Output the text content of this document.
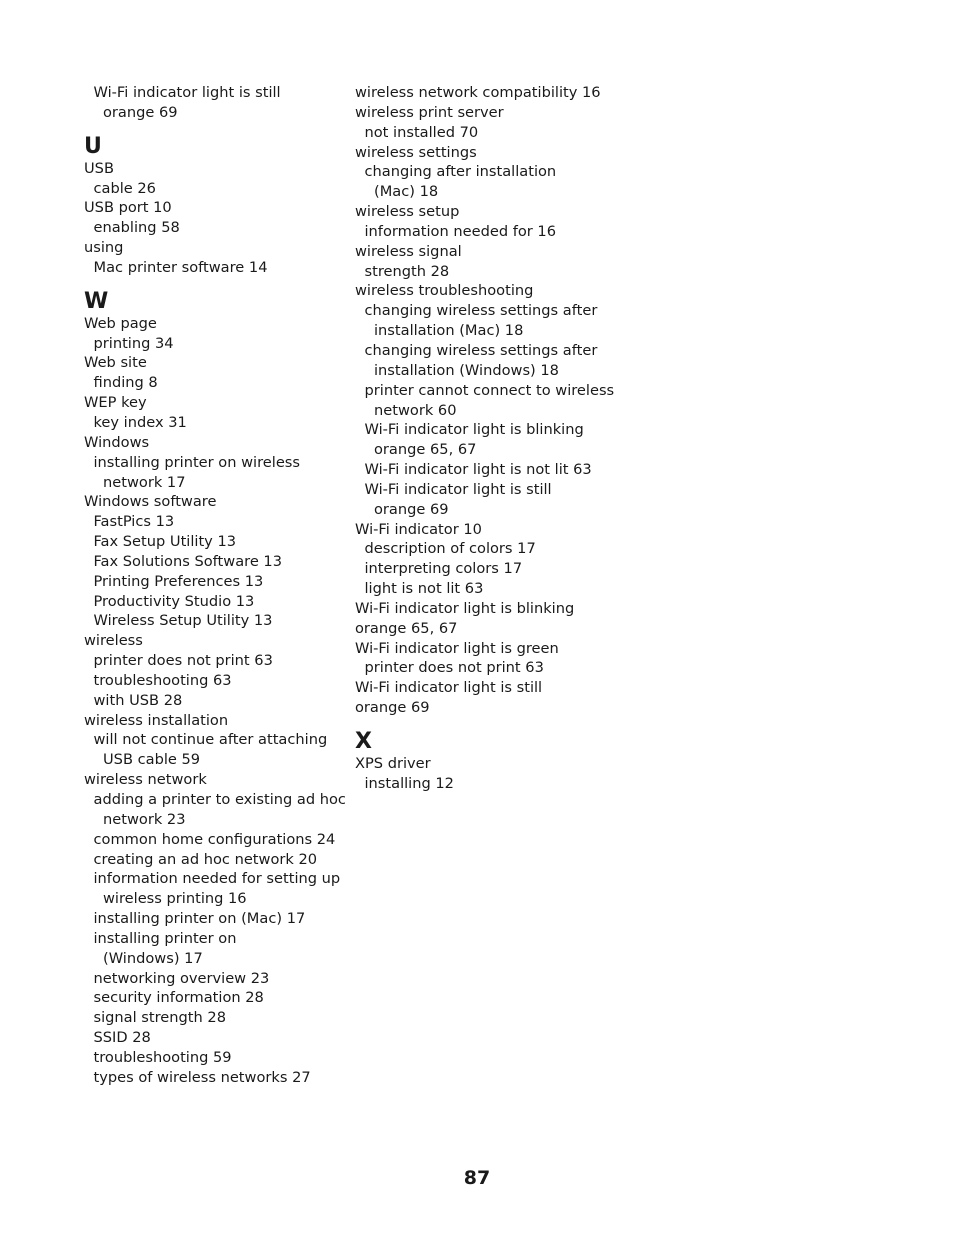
Wi-Fi indicator light is still
orange 69
U
USB
cable 26
USB port 10
enabling 58
using
Mac printer software 14
W
Web page
printing 34
Web site
finding 8
WEP key
key index 31
Windows
installing printer on wireless
network 17
Windows software
FastPics 13
Fax Setup Utility 13
Fax Solutions Software 13
Printing Preferences 13
Productivity Studio 13
Wireless Setup Utility 13
wireless
printer does not print 63
troubleshooting 63
with USB 28
wireless installation
will not continue after attaching
USB cable 59
wireless network
adding a printer to existing ad hoc
network 23
common home configurations 24
creating an ad hoc network 20
information needed for setting up
wireless printing 16
installing printer on (Mac) 17
installing printer on
(Windows) 17
networking overview 23
security information 28
signal strength 28
SSID 28
troubleshooting 59
types of wireless networks 27
wireless network compatibility 16
wireless print server
not installed 70
wireless settings
changing after installation
(Mac) 18
wireless setup
information needed for 16
wireless signal
strength 28
wireless troubleshooting
changing wireless settings after
installation (Mac) 18
changing wireless settings after
installation (Windows) 18
printer cannot connect to wireless
network 60
Wi-Fi indicator light is blinking
orange 65, 67
Wi-Fi indicator light is not lit 63
Wi-Fi indicator light is still
orange 69
Wi-Fi indicator 10
description of colors 17
interpreting colors 17
light is not lit 63
Wi-Fi indicator light is blinking
orange 65, 67
Wi-Fi indicator light is green
printer does not print 63
Wi-Fi indicator light is still
orange 69
X
XPS driver
installing 12
87
